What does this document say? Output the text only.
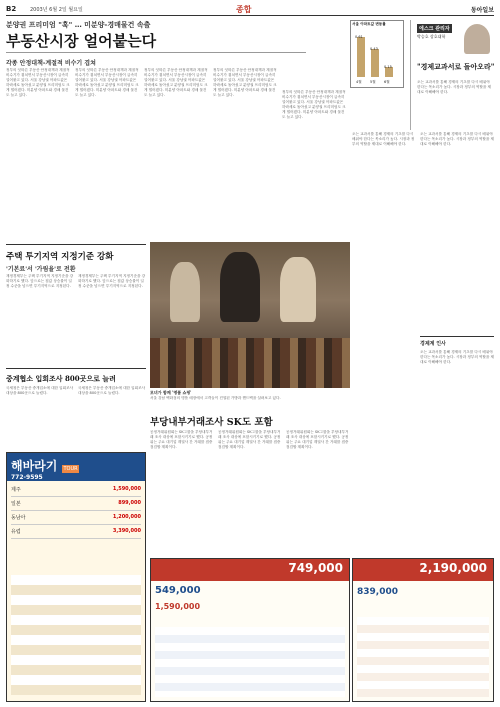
B2	2003년 6월 2일 월요일	종합	동아일보
분양권 프리미엄 "훅" … 미분양-경매물건 속출
부동산시장 얼어붙는다
각종 안정대책-계절적 비수기 겹쳐
정부의 잇따른 부동산 안정대책과 계절적 비수기가 겹치면서 부동산시장이 급속히 얼어붙고 있다. 서울 강남권 아파트값은 하락세로 돌아섰고 분양권 프리미엄도 크게 떨어졌다. 미분양 아파트와 경매 물건도 늘고 있다.
정부의 잇따른 부동산 안정대책과 계절적 비수기가 겹치면서 부동산시장이 급속히 얼어붙고 있다. 서울 강남권 아파트값은 하락세로 돌아섰고 분양권 프리미엄도 크게 떨어졌다. 미분양 아파트와 경매 물건도 늘고 있다.
정부의 잇따른 부동산 안정대책과 계절적 비수기가 겹치면서 부동산시장이 급속히 얼어붙고 있다. 서울 강남권 아파트값은 하락세로 돌아섰고 분양권 프리미엄도 크게 떨어졌다. 미분양 아파트와 경매 물건도 늘고 있다.
정부의 잇따른 부동산 안정대책과 계절적 비수기가 겹치면서 부동산시장이 급속히 얼어붙고 있다. 서울 강남권 아파트값은 하락세로 돌아섰고 분양권 프리미엄도 크게 떨어졌다. 미분양 아파트와 경매 물건도 늘고 있다.
정부의 잇따른 부동산 안정대책과 계절적 비수기가 겹치면서 부동산시장이 급속히 얼어붙고 있다. 서울 강남권 아파트값은 하락세로 돌아섰고 분양권 프리미엄도 크게 떨어졌다. 미분양 아파트와 경매 물건도 늘고 있다.
서울 아파트값 변동률
4월 5월 6월
0.61
0.43
0.15
에스크 관리자
박승호 상호대학
"경제교과서로 돌아오라"
오는 교과서를 통해 경제의 기초를 다시 배워야 한다는 목소리가 높다. 시장과 정부의 역할을 제대로 이해해야 한다.
오는 교과서를 통해 경제의 기초를 다시 배워야 한다는 목소리가 높다. 시장과 정부의 역할을 제대로 이해해야 한다.
오는 교과서를 통해 경제의 기초를 다시 배워야 한다는 목소리가 높다. 시장과 정부의 역할을 제대로 이해해야 한다.
주택 투기지역 지정기준 강화
'기본료'서 '가림율'로 전환
재정경제부는 주택 투기지역 지정기준을 강화하기로 했다. 앞으로는 집값 상승률이 일정 수준을 넘으면 투기지역으로 지정된다.
재정경제부는 주택 투기지역 지정기준을 강화하기로 했다. 앞으로는 집값 상승률이 일정 수준을 넘으면 투기지역으로 지정된다.
모녀가 함께 '명품 쇼핑'
서울 강남 백화점의 명품 매장에서 고객들이 진열된 가방과 핸드백을 살펴보고 있다.
부당내부거래조사 SK도 포함
공정거래위원회는 SK그룹을 부당내부거래 조사 대상에 포함시키기로 했다. 공정위는 주요 대기업 계열사 간 거래를 집중 점검할 계획이다.
공정거래위원회는 SK그룹을 부당내부거래 조사 대상에 포함시키기로 했다. 공정위는 주요 대기업 계열사 간 거래를 집중 점검할 계획이다.
공정거래위원회는 SK그룹을 부당내부거래 조사 대상에 포함시키기로 했다. 공정위는 주요 대기업 계열사 간 거래를 집중 점검할 계획이다.
중계협소 입회조사 800곳으로 늘려
국세청은 부동산 중개업소에 대한 입회조사 대상을 800곳으로 늘렸다.
국세청은 부동산 중개업소에 대한 입회조사 대상을 800곳으로 늘렸다.
경제계 인사
오는 교과서를 통해 경제의 기초를 다시 배워야 한다는 목소리가 높다. 시장과 정부의 역할을 제대로 이해해야 한다.
해바라기 TOUR
772-9595
제주	1,590,000
일본	899,000
동남아	1,200,000
유럽	3,390,000
749,000
549,000
1,590,000
2,190,000
839,000
